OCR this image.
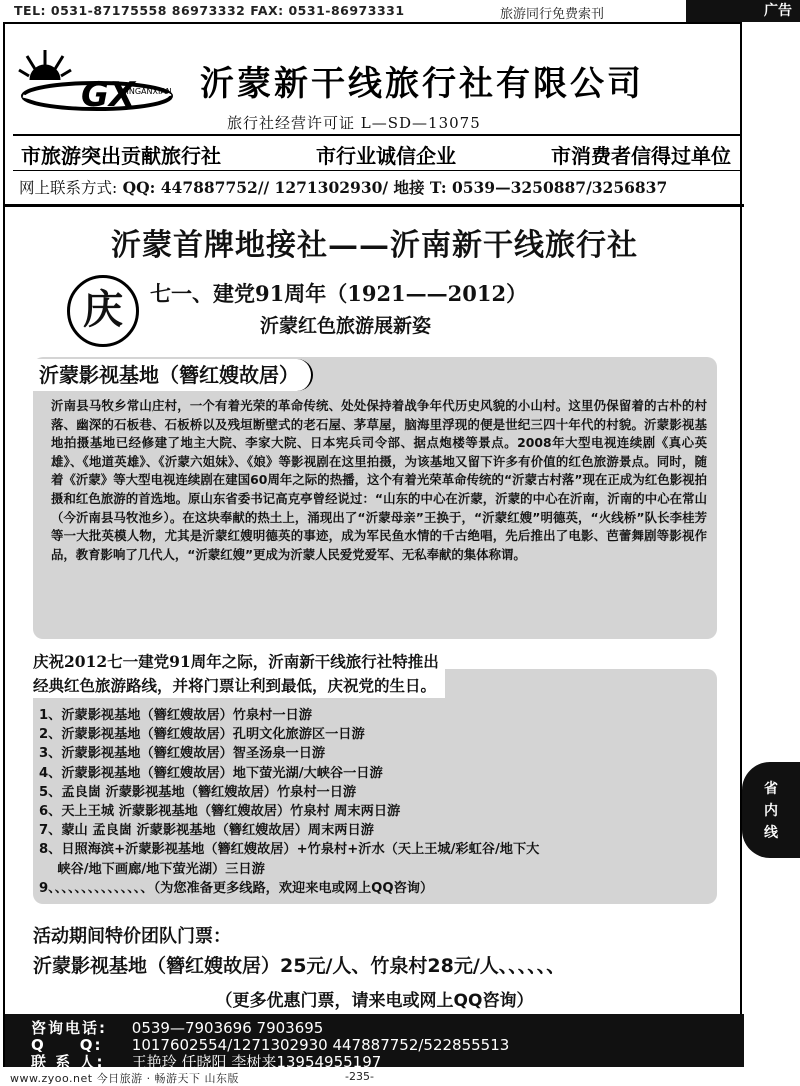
TEL: 0531-87175558 86973332 FAX: 0531-86973331	旅游同行免费索刊	广告
GX
XINGANXIAN 沂蒙新干线旅行社有限公司
旅行社经营许可证 L—SD—13075
市旅游突出贡献旅行社	市行业诚信企业	市消费者信得过单位
网上联系方式: QQ: 447887752// 1271302930/ 地接 T: 0539—3250887/3256837
沂蒙首牌地接社——沂南新干线旅行社
庆	七一、建党91周年（1921——2012）
沂蒙红色旅游展新姿
沂蒙影视基地（簪红嫂故居）
沂南县马牧乡常山庄村，一个有着光荣的革命传统、处处保持着战争年代历史风貌的小山村。这里仍保留着的古朴的村落、幽深的石板巷、石板桥以及残垣断壁式的老石屋、茅草屋，脑海里浮现的便是世纪三四十年代的村貌。沂蒙影视基地拍摄基地已经修建了地主大院、李家大院、日本宪兵司令部、据点炮楼等景点。2008年大型电视连续剧《真心英雄》、《地道英雄》、《沂蒙六姐妹》、《娘》等影视剧在这里拍摄，为该基地又留下许多有价值的红色旅游景点。同时，随着《沂蒙》等大型电视连续剧在建国60周年之际的热播，这个有着光荣革命传统的“沂蒙古村落”现在正成为红色影视拍摄和红色旅游的首选地。原山东省委书记高克亭曾经说过：“山东的中心在沂蒙，沂蒙的中心在沂南，沂南的中心在常山（今沂南县马牧池乡）。在这块奉献的热土上，涌现出了“沂蒙母亲”王换于，“沂蒙红嫂”明德英，“火线桥”队长李桂芳等一大批英模人物，尤其是沂蒙红嫂明德英的事迹，成为军民鱼水情的千古绝唱，先后推出了电影、芭蕾舞剧等影视作品，教育影响了几代人，“沂蒙红嫂”更成为沂蒙人民爱党爱军、无私奉献的集体称谓。
庆祝2012七一建党91周年之际，沂南新干线旅行社特推出
经典红色旅游路线，并将门票让利到最低，庆祝党的生日。
1、沂蒙影视基地（簪红嫂故居）竹泉村一日游
2、沂蒙影视基地（簪红嫂故居）孔明文化旅游区一日游
3、沂蒙影视基地（簪红嫂故居）智圣汤泉一日游
4、沂蒙影视基地（簪红嫂故居）地下萤光湖/大峡谷一日游
5、孟良崮 沂蒙影视基地（簪红嫂故居）竹泉村一日游
6、天上王城 沂蒙影视基地（簪红嫂故居）竹泉村 周末两日游
7、蒙山 孟良崮 沂蒙影视基地（簪红嫂故居）周末两日游
8、日照海滨+沂蒙影视基地（簪红嫂故居）+竹泉村+沂水（天上王城/彩虹谷/地下大
峡谷/地下画廊/地下萤光湖）三日游
9、、、、、、、、、、、、、、、（为您准备更多线路，欢迎来电或网上QQ咨询）
活动期间特价团队门票：
沂蒙影视基地（簪红嫂故居）25元/人、竹泉村28元/人、、、、、、
（更多优惠门票，请来电或网上QQ咨询）
咨询电话: 0539—7903696 7903695
Q　　Q: 1017602554/1271302930 447887752/522855513
联 系 人: 王艳玲 任晓阳 李树来13954955197
省
内
线
www.zyoo.net 今日旅游 · 畅游天下 山东版	-235-
